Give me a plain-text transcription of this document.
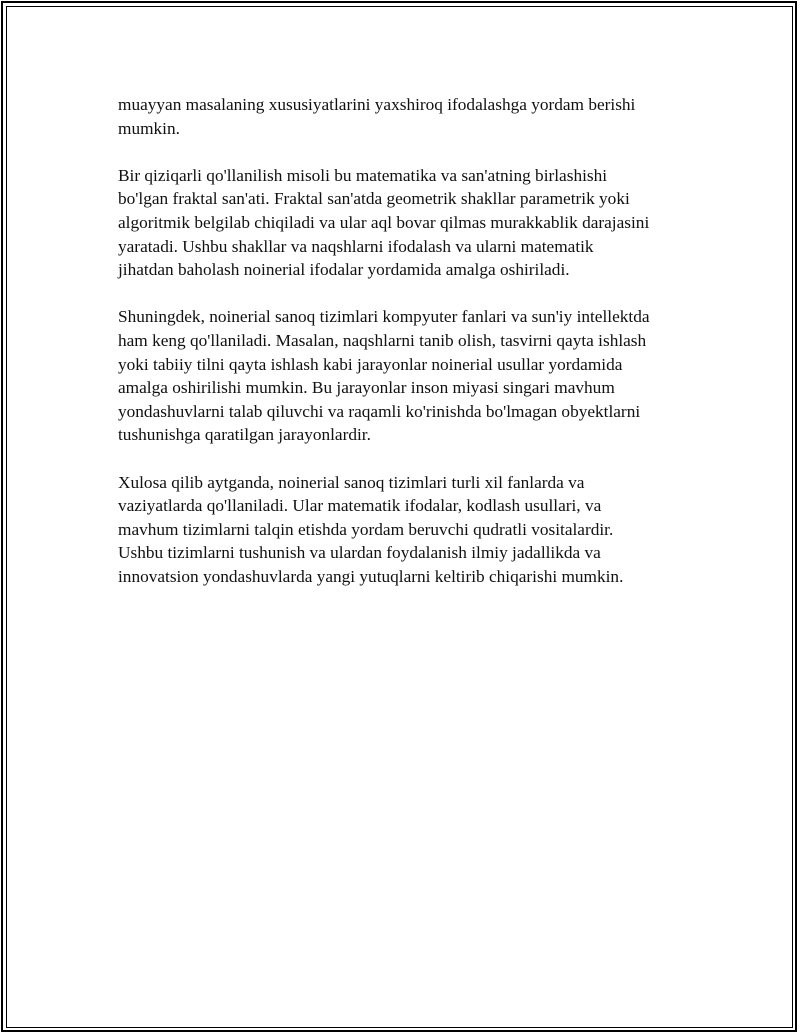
muayyan masalaning xususiyatlarini yaxshiroq ifodalashga yordam berishi
mumkin.

Bir qiziqarli qo'llanilish misoli bu matematika va san'atning birlashishi
bo'lgan fraktal san'ati. Fraktal san'atda geometrik shakllar parametrik yoki
algoritmik belgilab chiqiladi va ular aql bovar qilmas murakkablik darajasini
yaratadi. Ushbu shakllar va naqshlarni ifodalash va ularni matematik
jihatdan baholash noinerial ifodalar yordamida amalga oshiriladi.

Shuningdek, noinerial sanoq tizimlari kompyuter fanlari va sun'iy intellektda
ham keng qo'llaniladi. Masalan, naqshlarni tanib olish, tasvirni qayta ishlash
yoki tabiiy tilni qayta ishlash kabi jarayonlar noinerial usullar yordamida
amalga oshirilishi mumkin. Bu jarayonlar inson miyasi singari mavhum
yondashuvlarni talab qiluvchi va raqamli ko'rinishda bo'lmagan obyektlarni
tushunishga qaratilgan jarayonlardir.

Xulosa qilib aytganda, noinerial sanoq tizimlari turli xil fanlarda va
vaziyatlarda qo'llaniladi. Ular matematik ifodalar, kodlash usullari, va
mavhum tizimlarni talqin etishda yordam beruvchi qudratli vositalardir.
Ushbu tizimlarni tushunish va ulardan foydalanish ilmiy jadallikda va
innovatsion yondashuvlarda yangi yutuqlarni keltirib chiqarishi mumkin.
